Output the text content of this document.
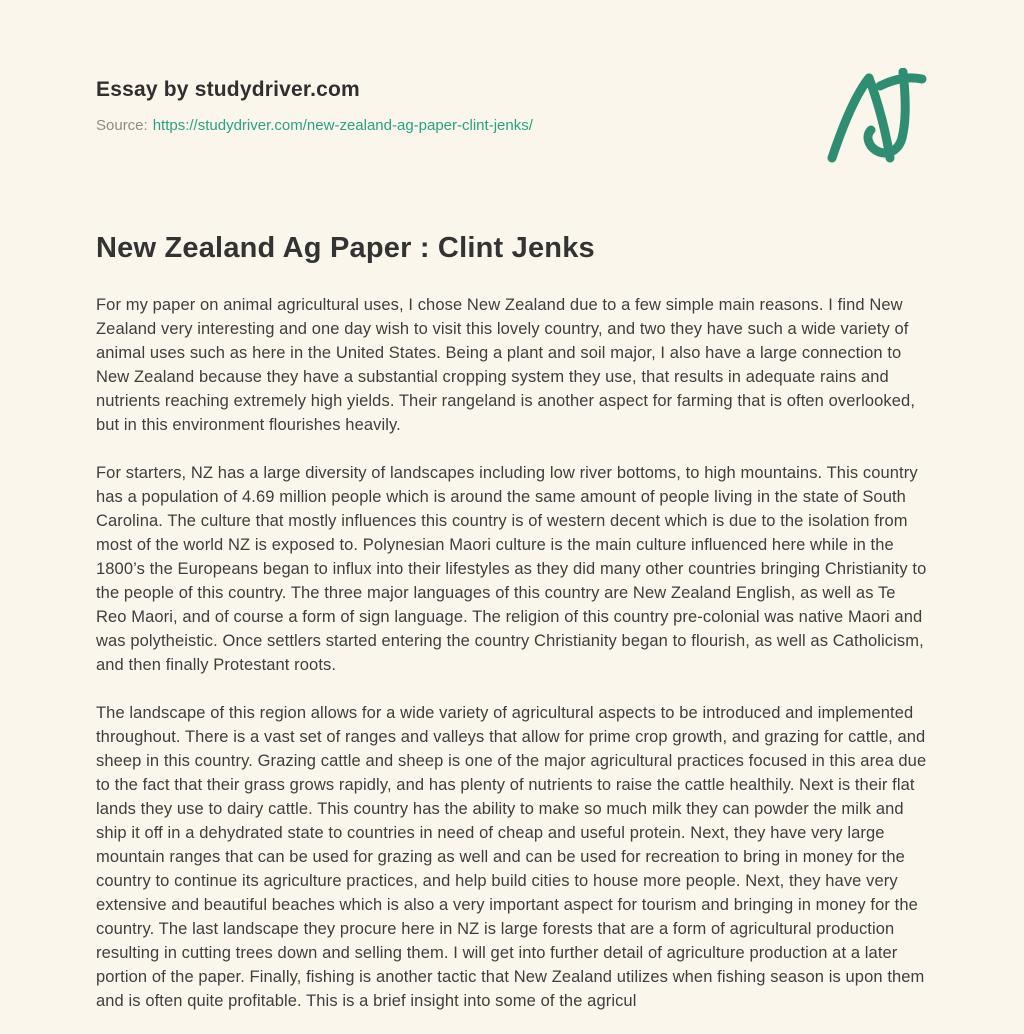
Essay by studydriver.com
Source: https://studydriver.com/new-zealand-ag-paper-clint-jenks/
New Zealand Ag Paper : Clint Jenks

For my paper on animal agricultural uses, I chose New Zealand due to a few simple main reasons. I find New Zealand very interesting and one day wish to visit this lovely country, and two they have such a wide variety of animal uses such as here in the United States. Being a plant and soil major, I also have a large connection to New Zealand because they have a substantial cropping system they use, that results in adequate rains and nutrients reaching extremely high yields. Their rangeland is another aspect for farming that is often overlooked, but in this environment flourishes heavily.

For starters, NZ has a large diversity of landscapes including low river bottoms, to high mountains. This country has a population of 4.69 million people which is around the same amount of people living in the state of South Carolina. The culture that mostly influences this country is of western decent which is due to the isolation from most of the world NZ is exposed to. Polynesian Maori culture is the main culture influenced here while in the 1800’s the Europeans began to influx into their lifestyles as they did many other countries bringing Christianity to the people of this country. The three major languages of this country are New Zealand English, as well as Te Reo Maori, and of course a form of sign language. The religion of this country pre-colonial was native Maori and was polytheistic. Once settlers started entering the country Christianity began to flourish, as well as Catholicism, and then finally Protestant roots.

The landscape of this region allows for a wide variety of agricultural aspects to be introduced and implemented throughout. There is a vast set of ranges and valleys that allow for prime crop growth, and grazing for cattle, and sheep in this country. Grazing cattle and sheep is one of the major agricultural practices focused in this area due to the fact that their grass grows rapidly, and has plenty of nutrients to raise the cattle healthily. Next is their flat lands they use to dairy cattle. This country has the ability to make so much milk they can powder the milk and ship it off in a dehydrated state to countries in need of cheap and useful protein. Next, they have very large mountain ranges that can be used for grazing as well and can be used for recreation to bring in money for the country to continue its agriculture practices, and help build cities to house more people. Next, they have very extensive and beautiful beaches which is also a very important aspect for tourism and bringing in money for the country. The last landscape they procure here in NZ is large forests that are a form of agricultural production resulting in cutting trees down and selling them. I will get into further detail of agriculture production at a later portion of the paper. Finally, fishing is another tactic that New Zealand utilizes when fishing season is upon them and is often quite profitable. This is a brief insight into some of the agricul
